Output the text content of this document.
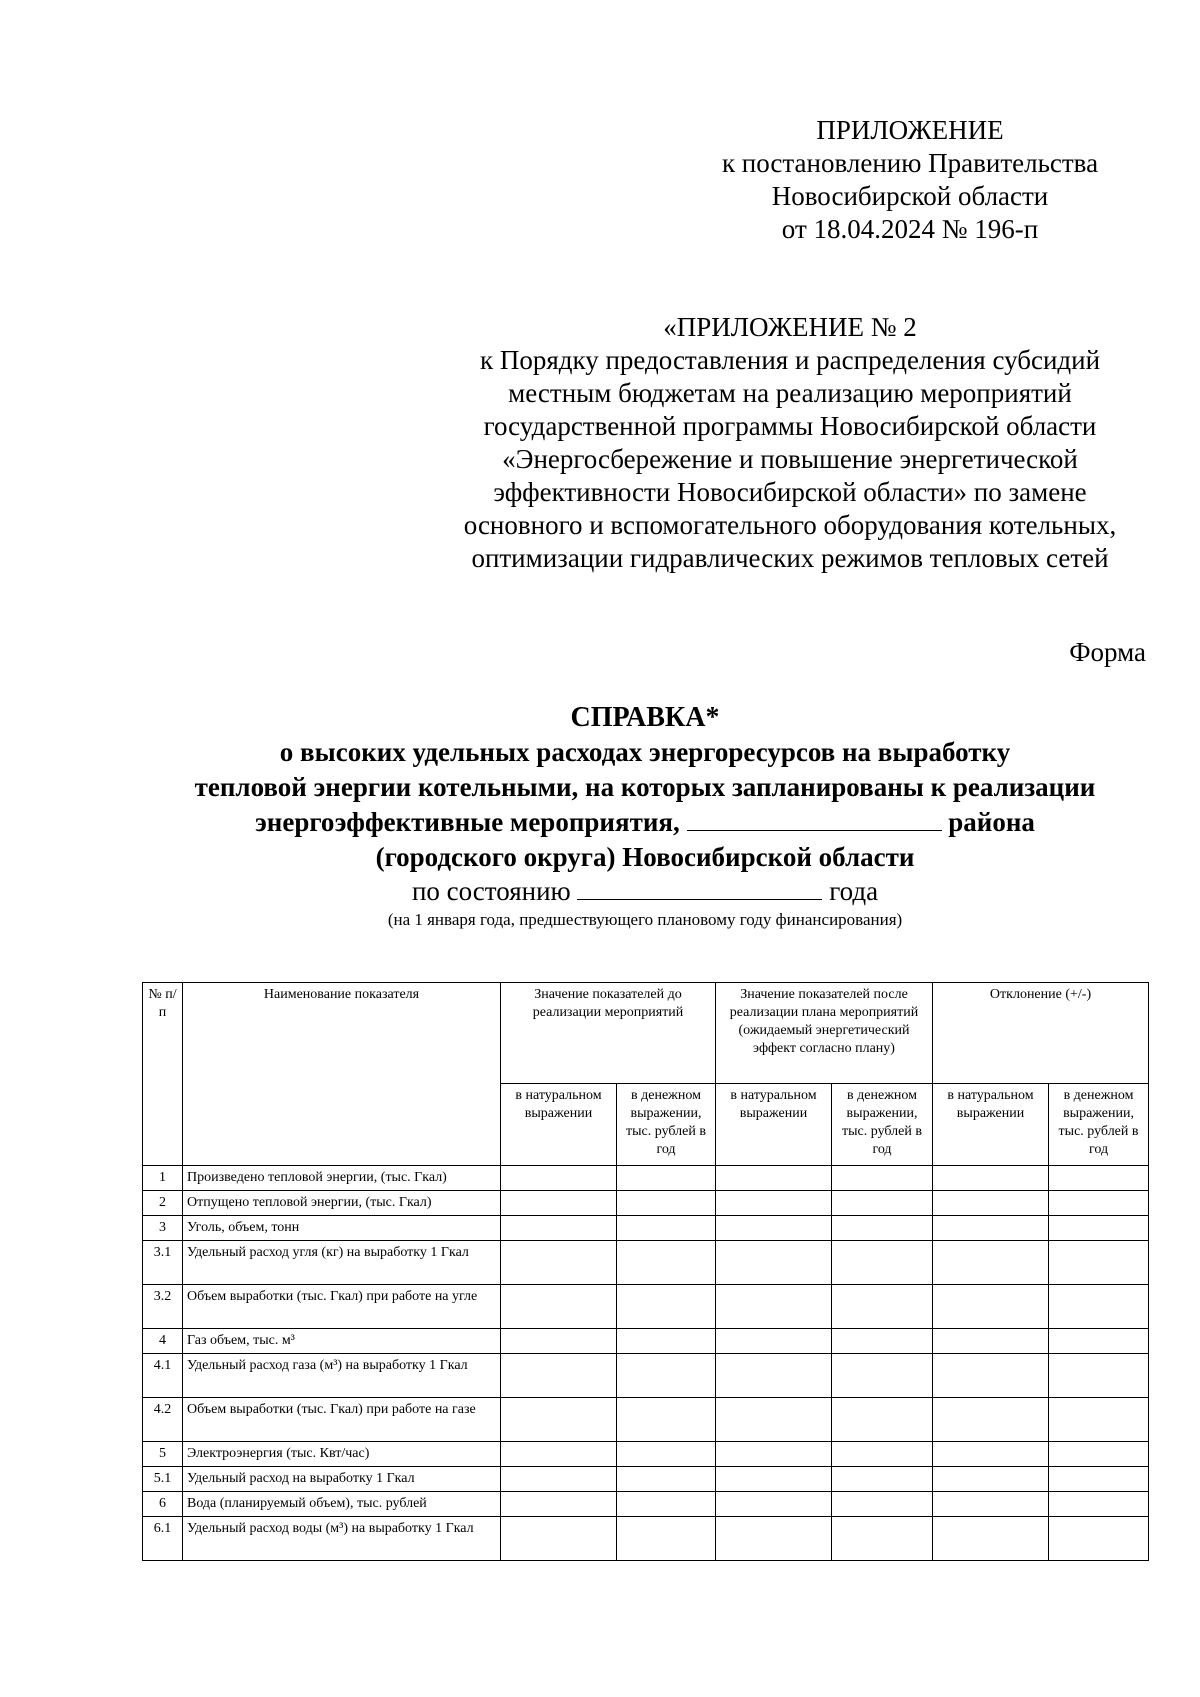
ПРИЛОЖЕНИЕ
к постановлению Правительства
Новосибирской области
от 18.04.2024 № 196-п
«ПРИЛОЖЕНИЕ № 2
к Порядку предоставления и распределения субсидий
местным бюджетам на реализацию мероприятий
государственной программы Новосибирской области
«Энергосбережение и повышение энергетической
эффективности Новосибирской области» по замене
основного и вспомогательного оборудования котельных,
оптимизации гидравлических режимов тепловых сетей
Форма
СПРАВКА*
о высоких удельных расходах энергоресурсов на выработку
тепловой энергии котельными, на которых запланированы к реализации
энергоэффективные мероприятия,	района
(городского округа) Новосибирской области
по состоянию	года
(на 1 января года, предшествующего плановому году финансирования)
№ п/п	Наименование показателя	Значение показателей до реализации мероприятий		Значение показателей после реализации плана мероприятий (ожидаемый энергетический эффект согласно плану)		Отклонение (+/-)	
		в натуральном выражении	в денежном выражении, тыс. рублей в год	в натуральном выражении	в денежном выражении, тыс. рублей в год	в натуральном выражении	в денежном выражении, тыс. рублей в год
1	Произведено тепловой энергии, (тыс. Гкал)						
2	Отпущено тепловой энергии, (тыс. Гкал)						
3	Уголь, объем, тонн						
3.1	Удельный расход угля (кг) на выработку 1 Гкал						
3.2	Объем выработки (тыс. Гкал) при работе на угле						
4	Газ объем, тыс. м³						
4.1	Удельный расход газа (м³) на выработку 1 Гкал						
4.2	Объем выработки (тыс. Гкал) при работе на газе						
5	Электроэнергия (тыс. Квт/час)						
5.1	Удельный расход на выработку 1 Гкал						
6	Вода (планируемый объем), тыс. рублей						
6.1	Удельный расход воды (м³) на выработку 1 Гкал						
